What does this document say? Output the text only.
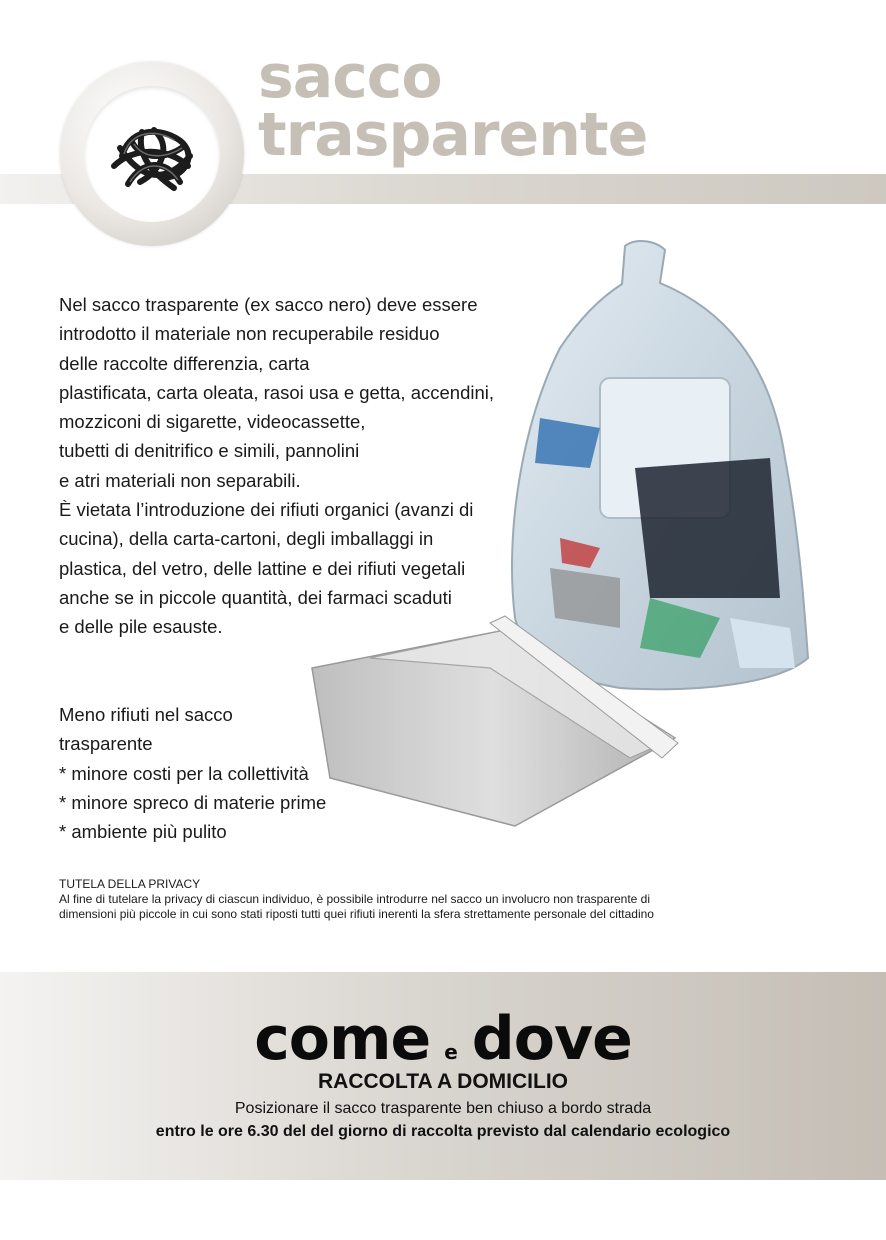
sacco
trasparente

Nel sacco trasparente (ex sacco nero) deve essere
introdotto il materiale non recuperabile residuo
delle raccolte differenzia, carta
plastificata, carta oleata, rasoi usa e getta, accendini,
mozziconi di sigarette, videocassette,
tubetti di denitrifico e simili, pannolini
e atri materiali non separabili.
È vietata l’introduzione dei rifiuti organici (avanzi di
cucina), della carta-cartoni, degli imballaggi in
plastica, del vetro, delle lattine e dei rifiuti vegetali
anche se in piccole quantità, dei farmaci scaduti
e delle pile esauste.

Meno rifiuti nel sacco
trasparente
* minore costi per la collettività
* minore spreco di materie prime
* ambiente più pulito

TUTELA DELLA PRIVACY
Al fine di tutelare la privacy di ciascun individuo, è possibile introdurre nel sacco un involucro non trasparente di
dimensioni più piccole in cui sono stati riposti tutti quei rifiuti inerenti la sfera strettamente personale del cittadino
come e dove
RACCOLTA A DOMICILIO
Posizionare il sacco trasparente ben chiuso a bordo strada
entro le ore 6.30 del del giorno di raccolta previsto dal calendario ecologico
